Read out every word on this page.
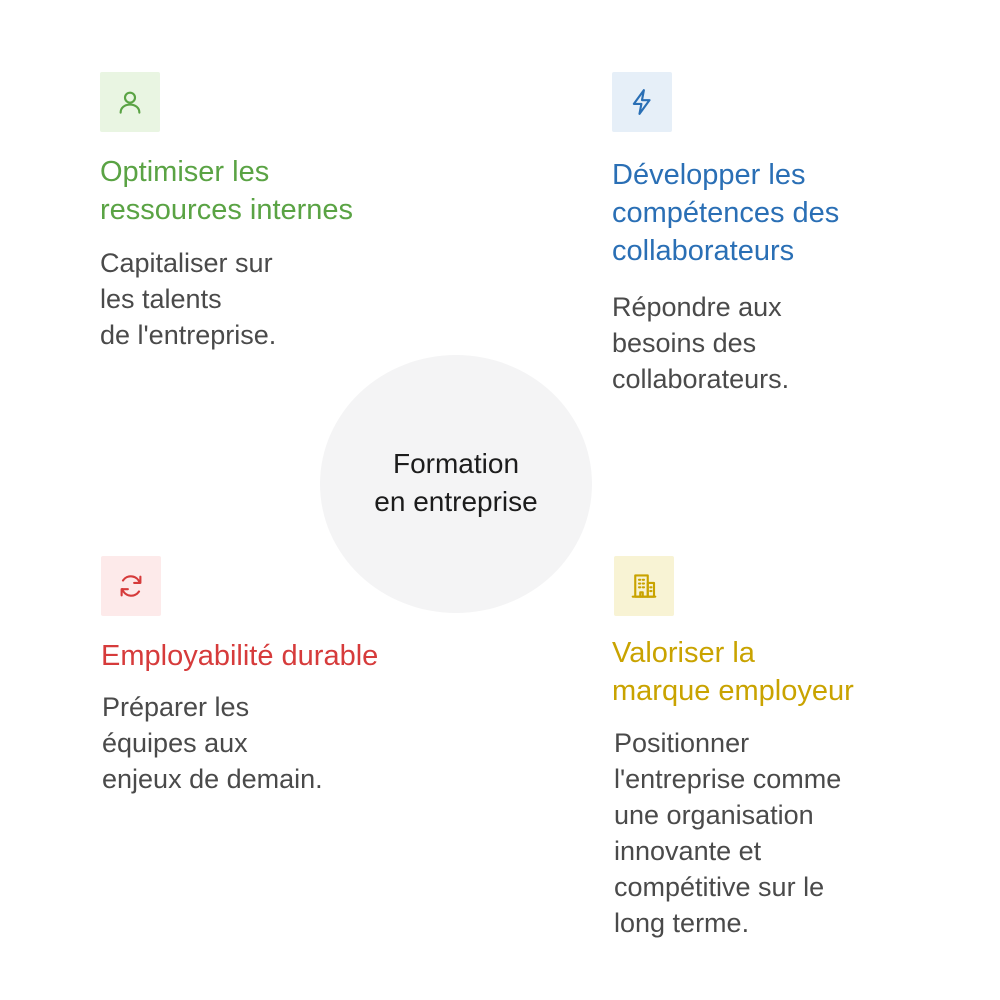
Formation
en entreprise
Optimiser les
ressources internes
Capitaliser sur
les talents
de l'entreprise.
Développer les
compétences des
collaborateurs
Répondre aux
besoins des
collaborateurs.
Employabilité durable
Préparer les
équipes aux
enjeux de demain.
Valoriser la
marque employeur
Positionner
l'entreprise comme
une organisation
innovante et
compétitive sur le
long terme.
